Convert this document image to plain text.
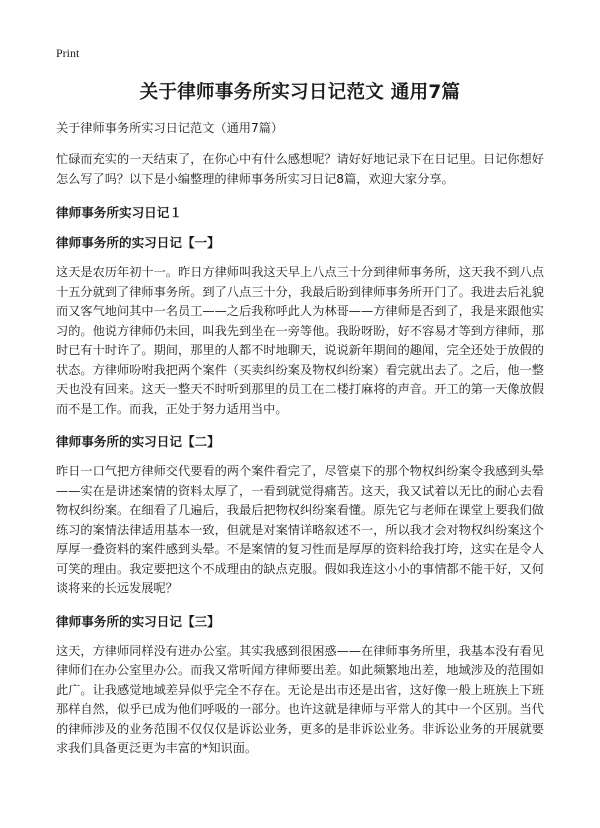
Print
关于律师事务所实习日记范文 通用7篇

关于律师事务所实习日记范文（通用7篇）

忙碌而充实的一天结束了，在你心中有什么感想呢？请好好地记录下在日记里。日记你想好怎么写了吗？以下是小编整理的律师事务所实习日记8篇，欢迎大家分享。

律师事务所实习日记１
律师事务所的实习日记【一】

这天是农历年初十一。昨日方律师叫我这天早上八点三十分到律师事务所，这天我不到八点十五分就到了律师事务所。到了八点三十分，我最后盼到律师事务所开门了。我进去后礼貌而又客气地问其中一名员工——之后我称呼此人为林哥——方律师是否到了，我是来跟他实习的。他说方律师仍未回，叫我先到坐在一旁等他。我盼呀盼，好不容易才等到方律师，那时已有十时许了。期间，那里的人都不时地聊天，说说新年期间的趣闻，完全还处于放假的状态。方律师吩咐我把两个案件（买卖纠纷案及物权纠纷案）看完就出去了。之后，他一整天也没有回来。这天一整天不时听到那里的员工在二楼打麻将的声音。开工的第一天像放假而不是工作。而我，正处于努力适用当中。

律师事务所的实习日记【二】

昨日一口气把方律师交代要看的两个案件看完了，尽管桌下的那个物权纠纷案令我感到头晕——实在是讲述案情的资料太厚了，一看到就觉得痛苦。这天，我又试着以无比的耐心去看物权纠纷案。在细看了几遍后，我最后把物权纠纷案看懂。原先它与老师在课堂上要我们做练习的案情法律适用基本一致，但就是对案情详略叙述不一，所以我才会对物权纠纷案这个厚厚一叠资料的案件感到头晕。不是案情的复习性而是厚厚的资料给我打垮，这实在是令人可笑的理由。我定要把这个不成理由的缺点克服。假如我连这小小的事情都不能干好，又何谈将来的长远发展呢？

律师事务所的实习日记【三】

这天，方律师同样没有进办公室。其实我感到很困惑——在律师事务所里，我基本没有看见律师们在办公室里办公。而我又常听闻方律师要出差。如此频繁地出差，地域涉及的范围如此广。让我感觉地域差异似乎完全不存在。无论是出市还是出省，这好像一般上班族上下班那样自然，似乎已成为他们呼吸的一部分。也许这就是律师与平常人的其中一个区别。当代的律师涉及的业务范围不仅仅仅是诉讼业务，更多的是非诉讼业务。非诉讼业务的开展就要求我们具备更泛更为丰富的*知识面。
